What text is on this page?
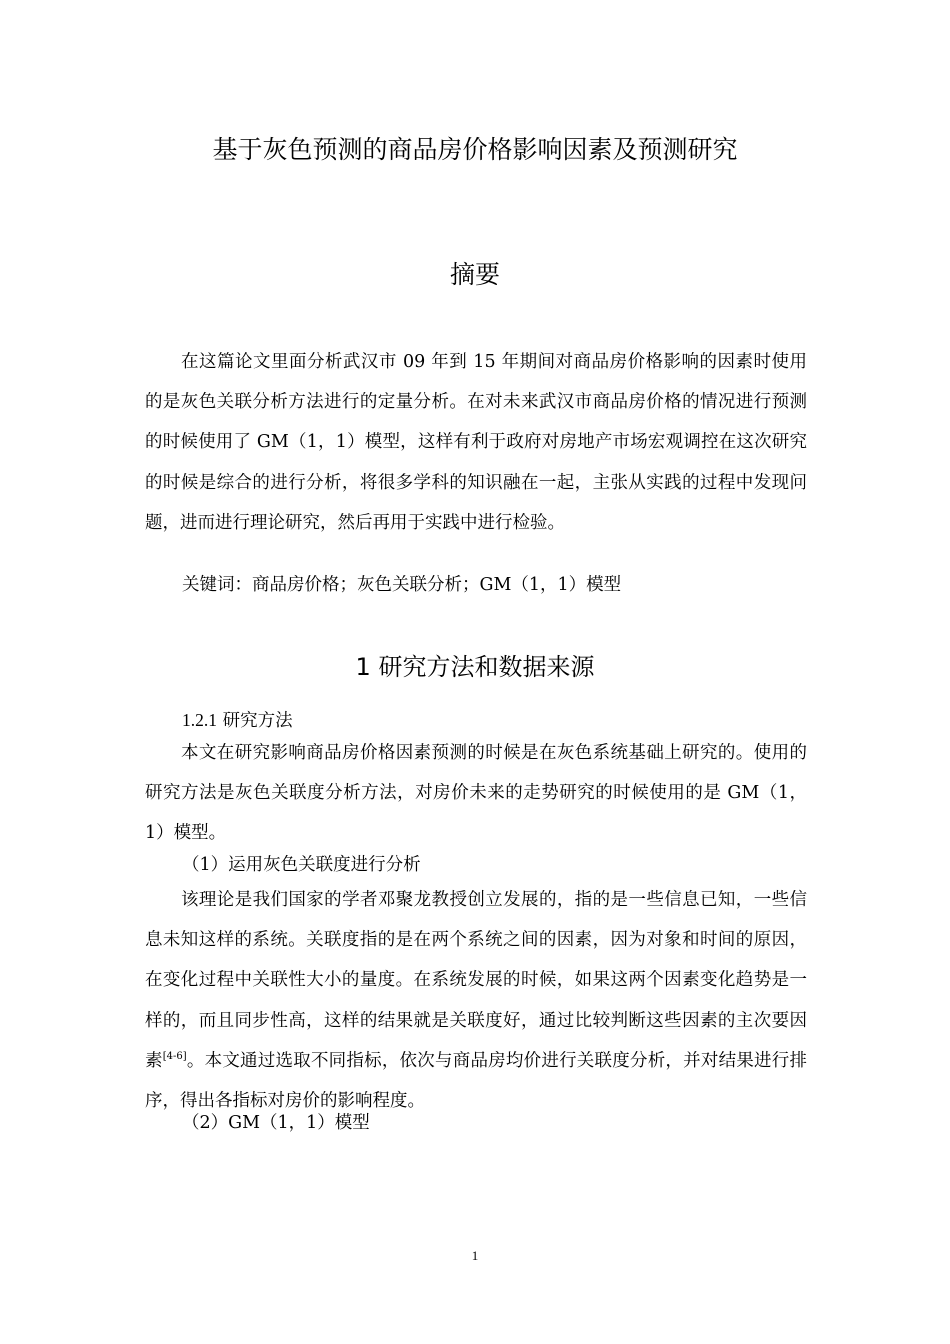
基于灰色预测的商品房价格影响因素及预测研究
摘要

在这篇论文里面分析武汉市 09 年到 15 年期间对商品房价格影响的因素时使用的是灰色关联分析方法进行的定量分析。在对未来武汉市商品房价格的情况进行预测的时候使用了 GM（1，1）模型，这样有利于政府对房地产市场宏观调控在这次研究的时候是综合的进行分析，将很多学科的知识融在一起，主张从实践的过程中发现问题，进而进行理论研究，然后再用于实践中进行检验。

关键词：商品房价格；灰色关联分析；GM（1，1）模型
1 研究方法和数据来源
1.2.1 研究方法

本文在研究影响商品房价格因素预测的时候是在灰色系统基础上研究的。使用的研究方法是灰色关联度分析方法，对房价未来的走势研究的时候使用的是 GM（1，1）模型。

（1）运用灰色关联度进行分析

该理论是我们国家的学者邓聚龙教授创立发展的，指的是一些信息已知，一些信息未知这样的系统。关联度指的是在两个系统之间的因素，因为对象和时间的原因，在变化过程中关联性大小的量度。在系统发展的时候，如果这两个因素变化趋势是一样的，而且同步性高，这样的结果就是关联度好，通过比较判断这些因素的主次要因素[4-6]。本文通过选取不同指标，依次与商品房均价进行关联度分析，并对结果进行排序，得出各指标对房价的影响程度。

（2）GM（1，1）模型
1
